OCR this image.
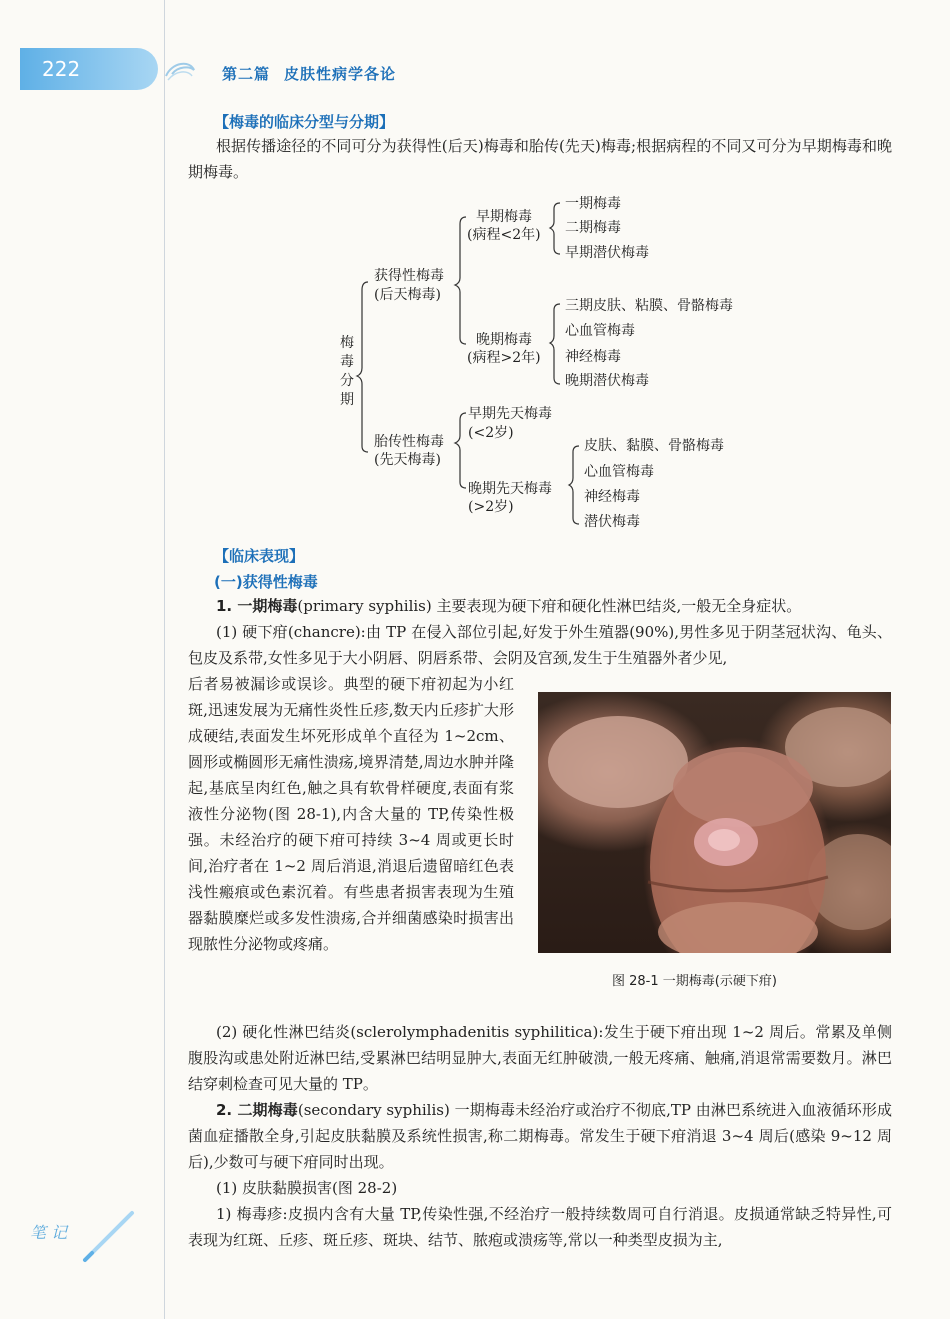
222	第二篇 皮肤性病学各论
【梅毒的临床分型与分期】

根据传播途径的不同可分为获得性(后天)梅毒和胎传(先天)梅毒;根据病程的不同又可分为早期梅毒和晚期梅毒。

梅毒分期
获得性梅毒
(后天梅毒)
早期梅毒
(病程<2年)
一期梅毒
二期梅毒
早期潜伏梅毒
晚期梅毒
(病程>2年)
三期皮肤、粘膜、骨骼梅毒
心血管梅毒
神经梅毒
晚期潜伏梅毒
胎传性梅毒
(先天梅毒)
早期先天梅毒
(<2岁)
晚期先天梅毒
(>2岁)
皮肤、黏膜、骨骼梅毒
心血管梅毒
神经梅毒
潜伏梅毒
【临床表现】
(一)获得性梅毒

1. 一期梅毒(primary syphilis) 主要表现为硬下疳和硬化性淋巴结炎,一般无全身症状。

(1) 硬下疳(chancre):由 TP 在侵入部位引起,好发于外生殖器(90%),男性多见于阴茎冠状沟、龟头、包皮及系带,女性多见于大小阴唇、阴唇系带、会阴及宫颈,发生于生殖器外者少见,

后者易被漏诊或误诊。典型的硬下疳初起为小红斑,迅速发展为无痛性炎性丘疹,数天内丘疹扩大形成硬结,表面发生坏死形成单个直径为 1~2cm、圆形或椭圆形无痛性溃疡,境界清楚,周边水肿并隆起,基底呈肉红色,触之具有软骨样硬度,表面有浆液性分泌物(图 28-1),内含大量的 TP,传染性极强。未经治疗的硬下疳可持续 3~4 周或更长时间,治疗者在 1~2 周后消退,消退后遗留暗红色表浅性瘢痕或色素沉着。有些患者损害表现为生殖器黏膜糜烂或多发性溃疡,合并细菌感染时损害出现脓性分泌物或疼痛。

图 28-1 一期梅毒(示硬下疳)

(2) 硬化性淋巴结炎(sclerolymphadenitis syphilitica):发生于硬下疳出现 1~2 周后。常累及单侧腹股沟或患处附近淋巴结,受累淋巴结明显肿大,表面无红肿破溃,一般无疼痛、触痛,消退常需要数月。淋巴结穿刺检查可见大量的 TP。

2. 二期梅毒(secondary syphilis) 一期梅毒未经治疗或治疗不彻底,TP 由淋巴系统进入血液循环形成菌血症播散全身,引起皮肤黏膜及系统性损害,称二期梅毒。常发生于硬下疳消退 3~4 周后(感染 9~12 周后),少数可与硬下疳同时出现。

(1) 皮肤黏膜损害(图 28-2)

1) 梅毒疹:皮损内含有大量 TP,传染性强,不经治疗一般持续数周可自行消退。皮损通常缺乏特异性,可表现为红斑、丘疹、斑丘疹、斑块、结节、脓疱或溃疡等,常以一种类型皮损为主,

笔 记
